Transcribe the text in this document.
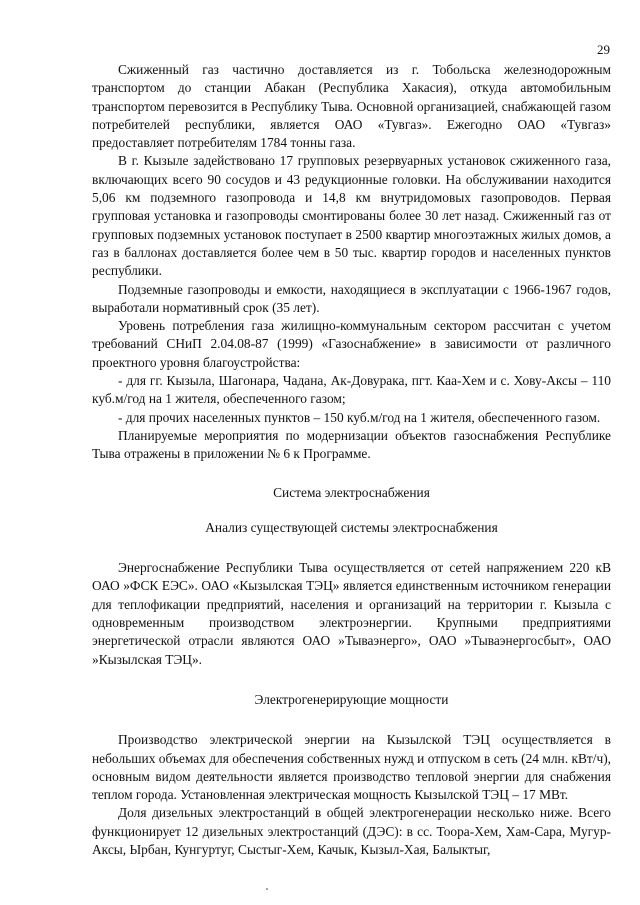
29

Сжиженный газ частично доставляется из г. Тобольска железнодорожным транспортом до станции Абакан (Республика Хакасия), откуда автомобильным транспортом перевозится в Республику Тыва. Основной организацией, снабжающей газом потребителей республики, является ОАО «Тувгаз». Ежегодно ОАО «Тувгаз» предоставляет потребителям 1784 тонны газа.

В г. Кызыле задействовано 17 групповых резервуарных установок сжиженного газа, включающих всего 90 сосудов и 43 редукционные головки. На обслуживании находится 5,06 км подземного газопровода и 14,8 км внутридомовых газопроводов. Первая групповая установка и газопроводы смонтированы более 30 лет назад. Сжиженный газ от групповых подземных установок поступает в 2500 квартир многоэтажных жилых домов, а газ в баллонах доставляется более чем в 50 тыс. квартир городов и населенных пунктов республики.

Подземные газопроводы и емкости, находящиеся в эксплуатации с 1966-1967 годов, выработали нормативный срок (35 лет).

Уровень потребления газа жилищно-коммунальным сектором рассчитан с учетом требований СНиП 2.04.08-87 (1999) «Газоснабжение» в зависимости от различного проектного уровня благоустройства:

- для гг. Кызыла, Шагонара, Чадана, Ак-Довурака, пгт. Каа-Хем и с. Хову-Аксы – 110 куб.м/год на 1 жителя, обеспеченного газом;

- для прочих населенных пунктов – 150 куб.м/год на 1 жителя, обеспеченного газом.

Планируемые мероприятия по модернизации объектов газоснабжения Республике Тыва отражены в приложении № 6 к Программе.

Система электроснабжения
Анализ существующей системы электроснабжения

Энергоснабжение Республики Тыва осуществляется от сетей напряжением 220 кВ ОАО »ФСК ЕЭС». ОАО «Кызылская ТЭЦ» является единственным источником генерации для теплофикации предприятий, населения и организаций на территории г. Кызыла с одновременным производством электроэнергии. Крупными предприятиями энергетической отрасли являются ОАО »Тываэнерго», ОАО »Тываэнергосбыт», ОАО »Кызылская ТЭЦ».

Электрогенерирующие мощности

Производство электрической энергии на Кызылской ТЭЦ осуществляется в небольших объемах для обеспечения собственных нужд и отпуском в сеть (24 млн. кВт/ч), основным видом деятельности является производство тепловой энергии для снабжения теплом города. Установленная электрическая мощность Кызылской ТЭЦ – 17 МВт.

Доля дизельных электростанций в общей электрогенерации несколько ниже. Всего функционирует 12 дизельных электростанций (ДЭС): в сс. Тоора-Хем, Хам-Сара, Мугур-Аксы, Ырбан, Кунгуртуг, Сыстыг-Хем, Качык, Кызыл-Хая, Балыктыг,
